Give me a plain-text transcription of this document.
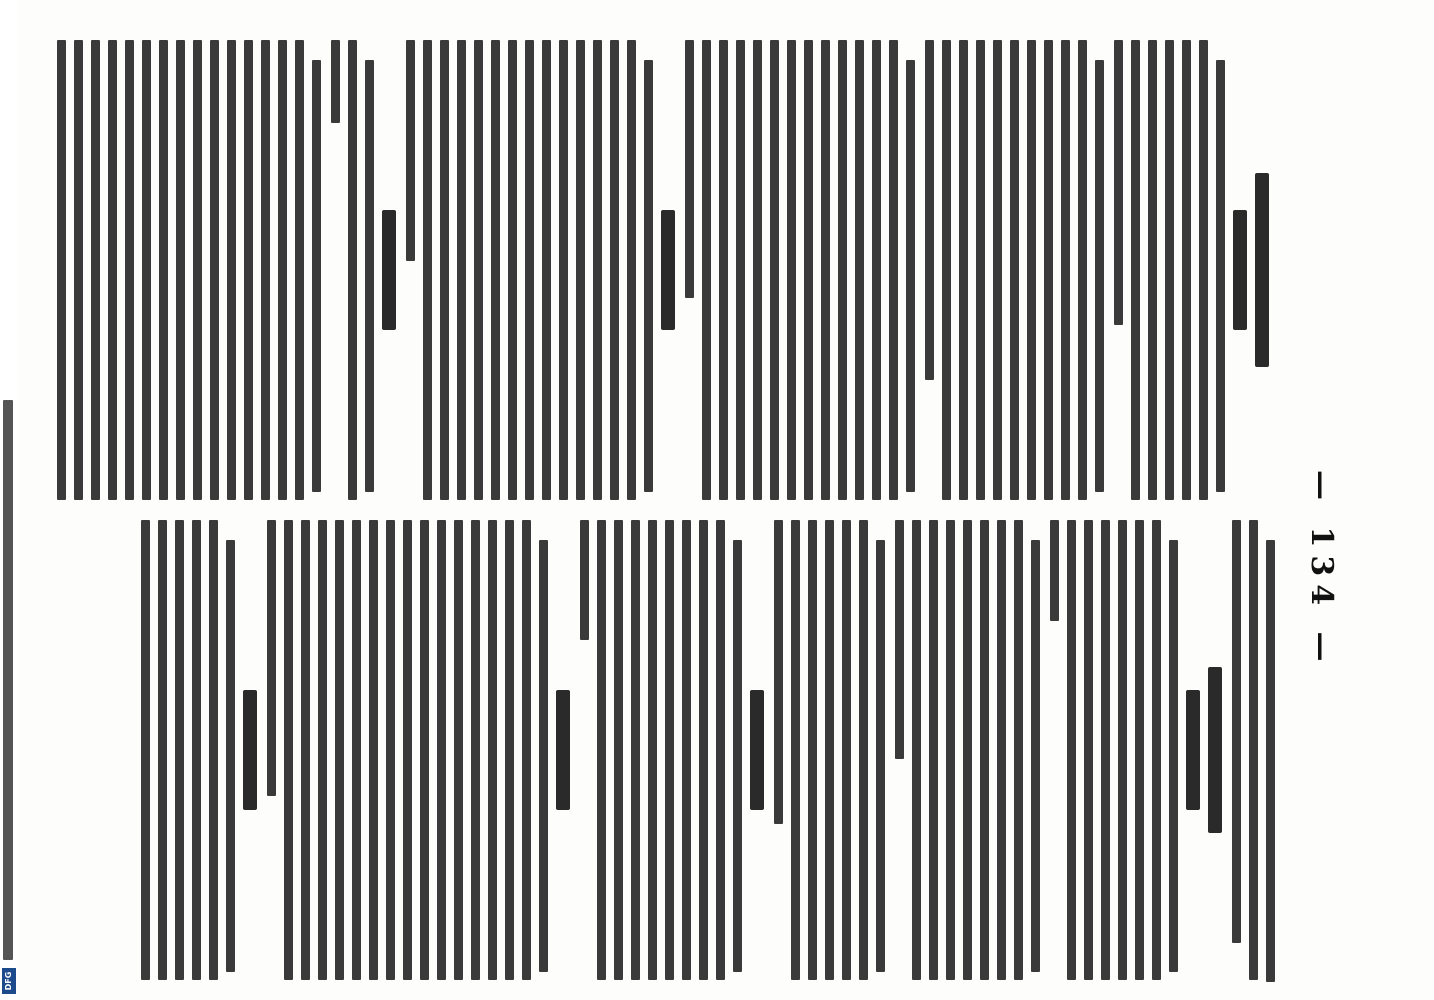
— 134 —
DFG
